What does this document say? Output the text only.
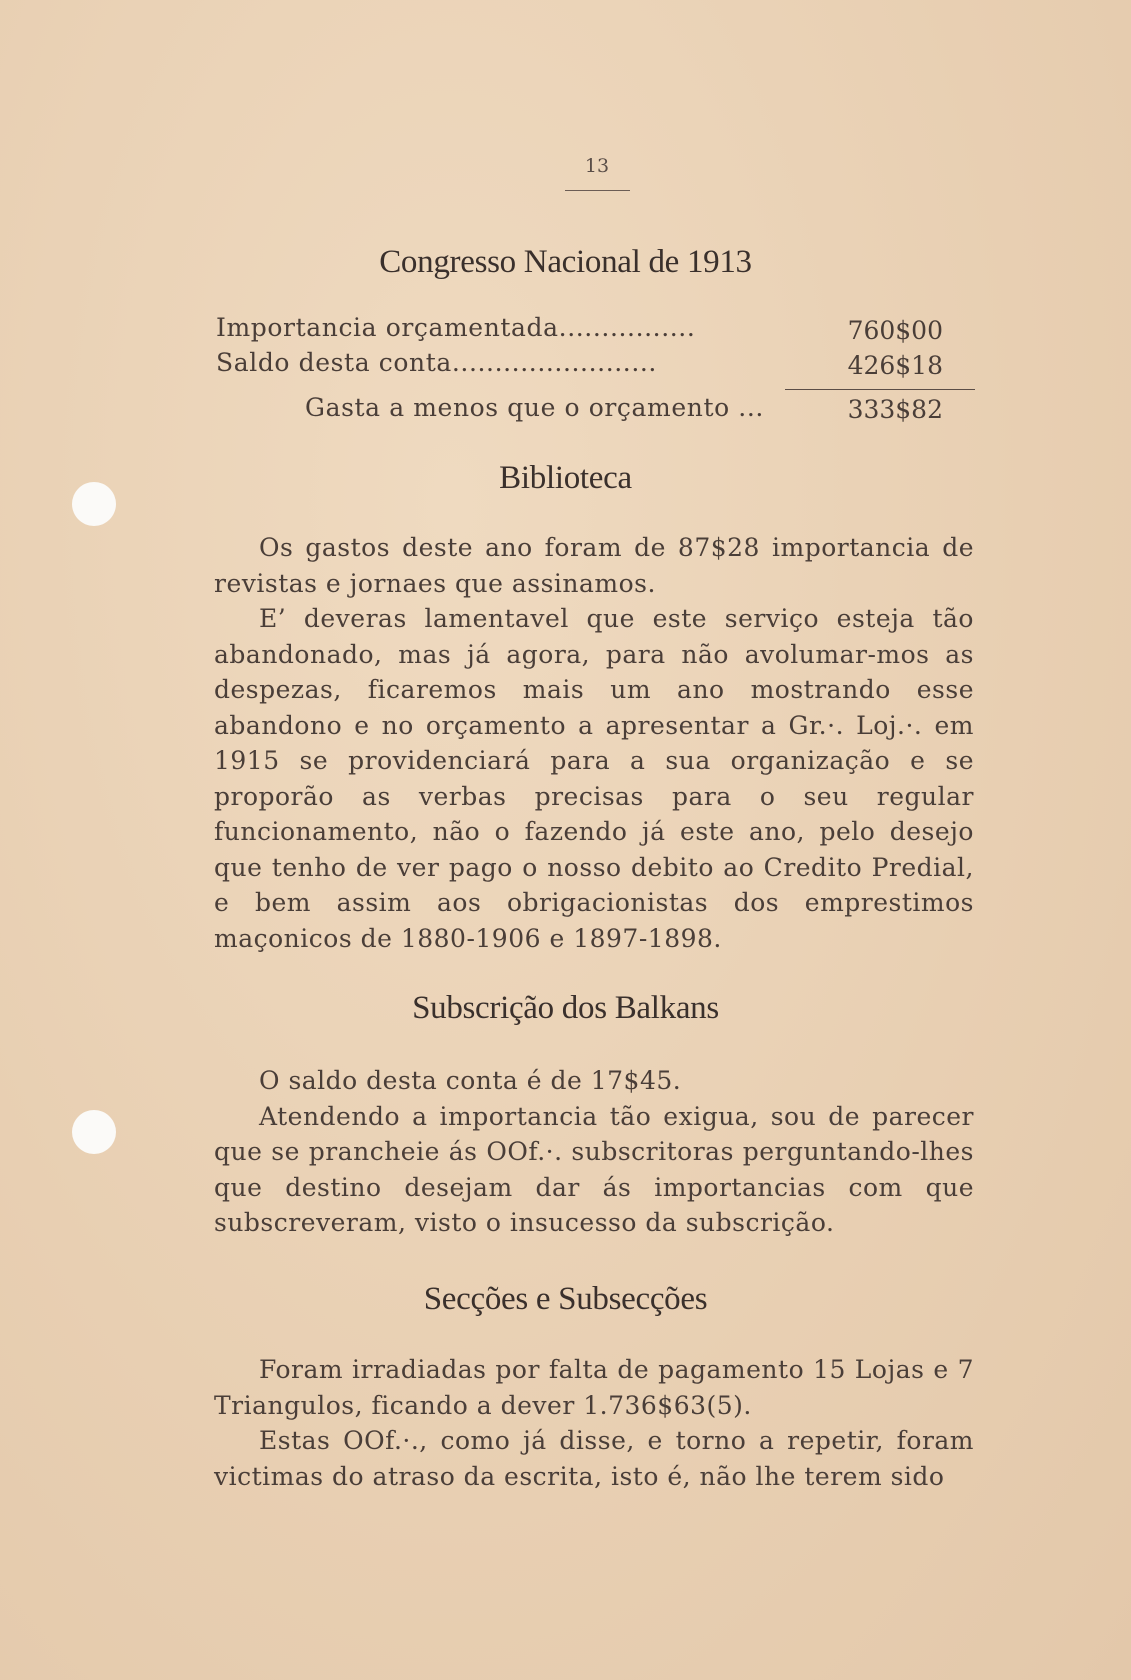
13
Congresso Nacional de 1913
Importancia orçamentada................	760$00
Saldo desta conta........................	426$18
Gasta a menos que o orçamento ...	333$82
Biblioteca

Os gastos deste ano foram de 87$28 importancia de revistas e jornaes que assinamos.

E’ deveras lamentavel que este serviço esteja tão abandonado, mas já agora, para não avolumar-mos as despezas, ficaremos mais um ano mostrando esse abandono e no orçamento a apresentar a Gr.·. Loj.·. em 1915 se providenciará para a sua organização e se proporão as verbas precisas para o seu regular funcionamento, não o fazendo já este ano, pelo desejo que tenho de ver pago o nosso debito ao Credito Predial, e bem assim aos obrigacionistas dos emprestimos maçonicos de 1880-1906 e 1897-1898.

Subscrição dos Balkans

O saldo desta conta é de 17$45.

Atendendo a importancia tão exigua, sou de parecer que se prancheie ás OOf.·. subscritoras perguntando-lhes que destino desejam dar ás importancias com que subscreveram, visto o insucesso da subscrição.

Secções e Subsecções

Foram irradiadas por falta de pagamento 15 Lojas e 7 Triangulos, ficando a dever 1.736$63(5).

Estas OOf.·., como já disse, e torno a repetir, foram victimas do atraso da escrita, isto é, não lhe terem sido
